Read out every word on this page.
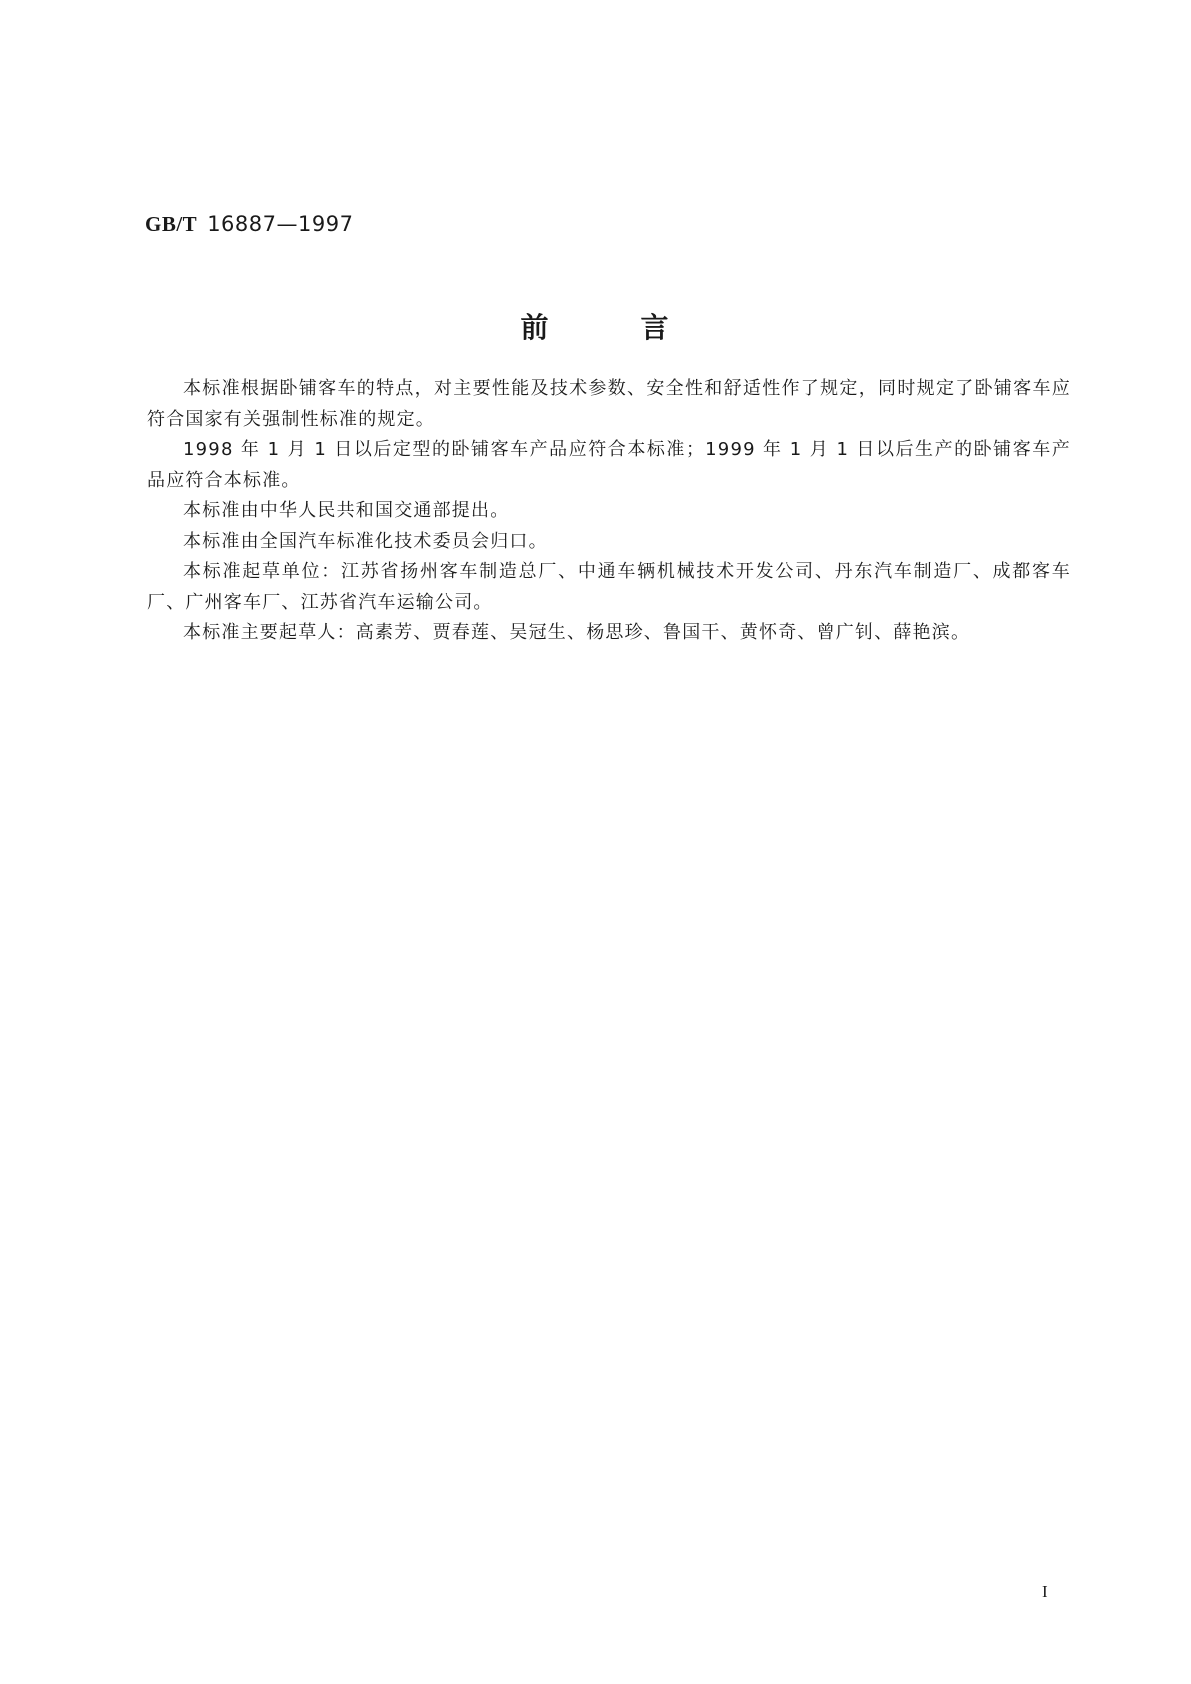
GB/T 16887—1997
前	言

本标准根据卧铺客车的特点，对主要性能及技术参数、安全性和舒适性作了规定，同时规定了卧铺客车应符合国家有关强制性标准的规定。

1998 年 1 月 1 日以后定型的卧铺客车产品应符合本标准；1999 年 1 月 1 日以后生产的卧铺客车产品应符合本标准。

本标准由中华人民共和国交通部提出。

本标准由全国汽车标准化技术委员会归口。

本标准起草单位：江苏省扬州客车制造总厂、中通车辆机械技术开发公司、丹东汽车制造厂、成都客车厂、广州客车厂、江苏省汽车运输公司。

本标准主要起草人：高素芳、贾春莲、吴冠生、杨思珍、鲁国干、黄怀奇、曾广钊、薛艳滨。

I
